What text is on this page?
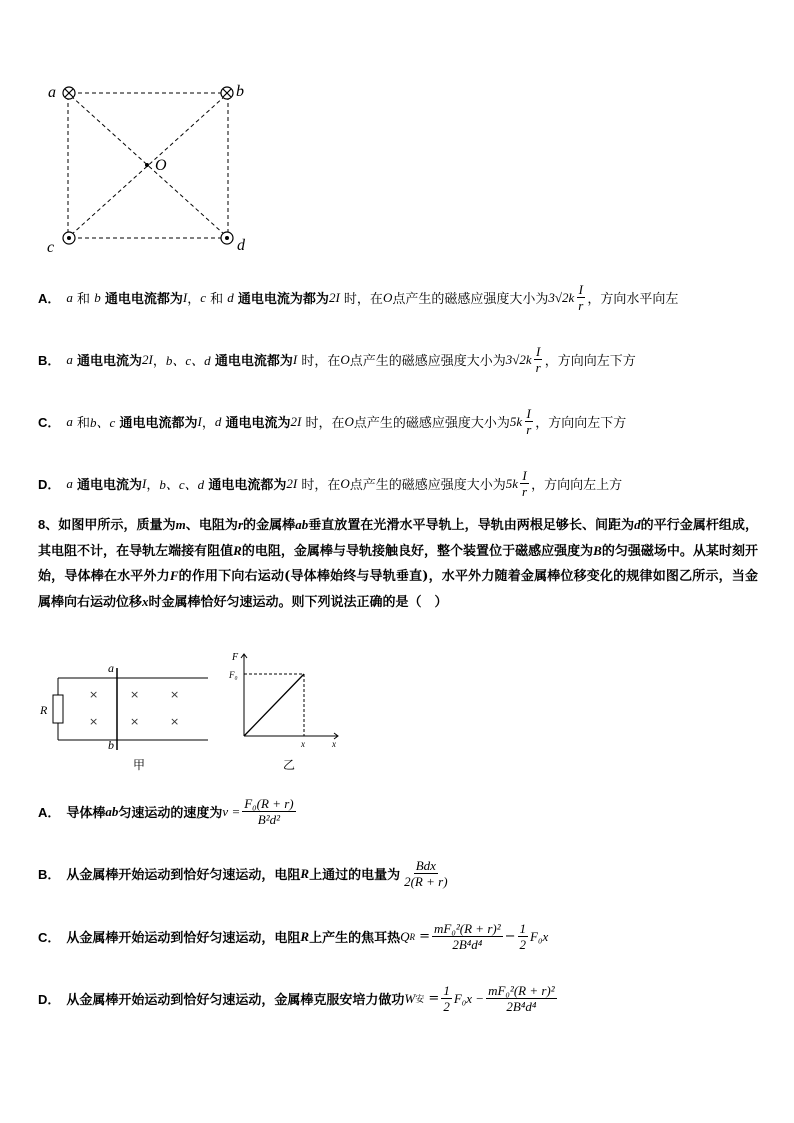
a	b
c	d
O
A． a
和
b
通电电流都为 I ， c
和
d
通电电流为都为 2I
时，在 O 点产生的磁感应强度大小为 $3√2k \frac{I}{r}$ ，方向水平向左
B． a
通电电流为 2I ， b、c、d
通电电流都为 I
时，在 O 点产生的磁感应强度大小为 $3√2k \frac{I}{r}$ ，方向向左下方
C． a
和 b、c
通电电流都为 I ， d
通电电流为 2I
时，在 O 点产生的磁感应强度大小为 $5k \frac{I}{r}$ ，方向向左下方
D． a
通电电流为 I ， b、c、d
通电电流都为 2I
时，在 O 点产生的磁感应强度大小为 $5k \frac{I}{r}$ ，方向向左上方
8、如图甲所示，质量为m、电阻为r的金属棒ab垂直放置在光滑水平导轨上，导轨由两根足够长、间距为d的平行金属杆组成，其电阻不计，在导轨左端接有阻值R的电阻，金属棒与导轨接触良好，整个装置位于磁感应强度为B的匀强磁场中。从某时刻开始，导体棒在水平外力F的作用下向右运动(导体棒始终与导轨垂直)，水平外力随着金属棒位移变化的规律如图乙所示，当金属棒向右运动位移x时金属棒恰好匀速运动。则下列说法正确的是（　）
R
a
b
×	×	×
×	×	×
甲
F
F₀
x	x
乙
A． 导体棒 ab 匀速运动的速度为 $v = \frac{\text{F₀(R + r)}}{\text{B²d²}}$
B． 从金属棒开始运动到恰好匀速运动，电阻 R 上通过的电量为 $\frac{\text{Bdx}}{2(R + r)}$
C． 从金属棒开始运动到恰好匀速运动，电阻 R 上产生的焦耳热 Q R
= $\frac{\text{mF₀²(R + r)²}}{\text{2B⁴d⁴}} - \frac{1}{2} F_0x$
D． 从金属棒开始运动到恰好匀速运动，金属棒克服安培力做功 W 安
= $\frac{1}{2} F_0x - \frac{\text{mF₀²(R + r)²}}{\text{2B⁴d⁴}}$
